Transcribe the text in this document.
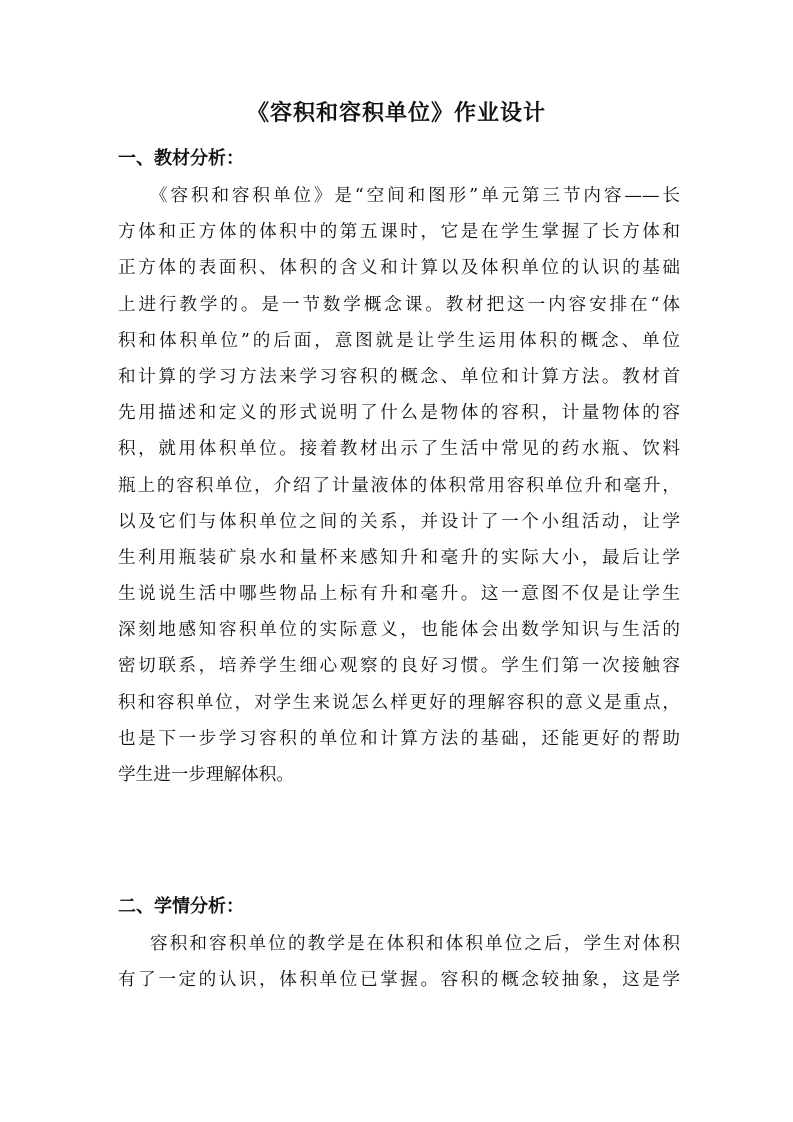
《容积和容积单位》作业设计
一、教材分析：
《容积和容积单位》是“空间和图形”单元第三节内容——长
方体和正方体的体积中的第五课时，它是在学生掌握了长方体和
正方体的表面积、体积的含义和计算以及体积单位的认识的基础
上进行教学的。是一节数学概念课。教材把这一内容安排在“体
积和体积单位”的后面，意图就是让学生运用体积的概念、单位
和计算的学习方法来学习容积的概念、单位和计算方法。教材首
先用描述和定义的形式说明了什么是物体的容积，计量物体的容
积，就用体积单位。接着教材出示了生活中常见的药水瓶、饮料
瓶上的容积单位，介绍了计量液体的体积常用容积单位升和毫升，
以及它们与体积单位之间的关系，并设计了一个小组活动，让学
生利用瓶装矿泉水和量杯来感知升和毫升的实际大小，最后让学
生说说生活中哪些物品上标有升和毫升。这一意图不仅是让学生
深刻地感知容积单位的实际意义，也能体会出数学知识与生活的
密切联系，培养学生细心观察的良好习惯。学生们第一次接触容
积和容积单位，对学生来说怎么样更好的理解容积的意义是重点，
也是下一步学习容积的单位和计算方法的基础，还能更好的帮助
学生进一步理解体积。
二、学情分析：
容积和容积单位的教学是在体积和体积单位之后，学生对体积
有了一定的认识，体积单位已掌握。容积的概念较抽象，这是学
